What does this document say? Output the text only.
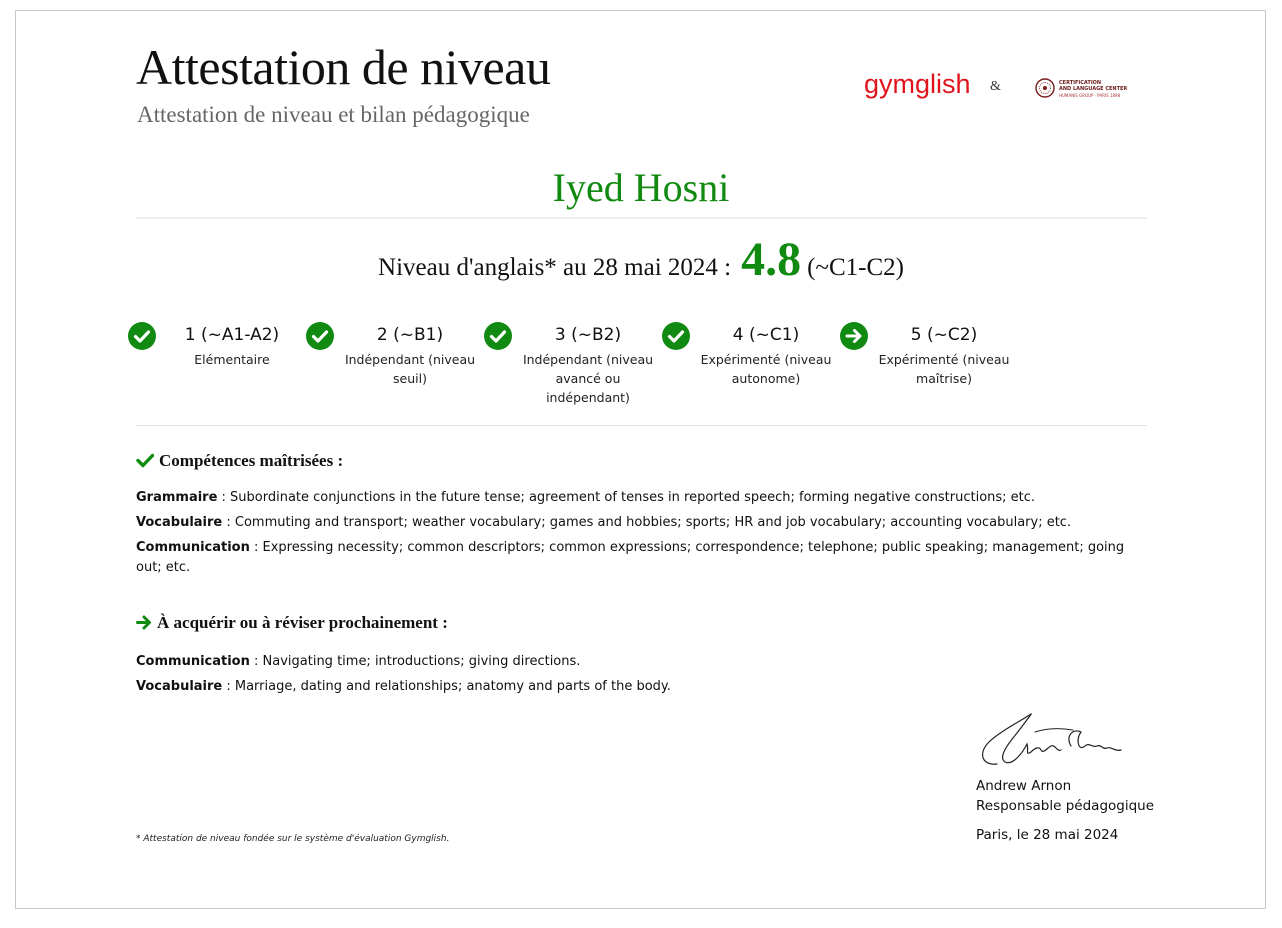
Attestation de niveau
Attestation de niveau et bilan pédagogique
gymglish &	CERTIFICATION
AND LANGUAGE CENTER
HUMANIS GROUP · PARIS 1898
Iyed Hosni
Niveau d'anglais* au 28 mai 2024 : 4.8 (~C1-C2)
1 (~A1-A2)
Elémentaire
2 (~B1)
Indépendant (niveau seuil)
3 (~B2)
Indépendant (niveau avancé ou indépendant)
4 (~C1)
Expérimenté (niveau autonome)
5 (~C2)
Expérimenté (niveau maîtrise)
Compétences maîtrisées :
Grammaire : Subordinate conjunctions in the future tense; agreement of tenses in reported speech; forming negative constructions; etc.
Vocabulaire : Commuting and transport; weather vocabulary; games and hobbies; sports; HR and job vocabulary; accounting vocabulary; etc.
Communication : Expressing necessity; common descriptors; common expressions; correspondence; telephone; public speaking; management; going out; etc.
À acquérir ou à réviser prochainement :
Communication : Navigating time; introductions; giving directions.
Vocabulaire : Marriage, dating and relationships; anatomy and parts of the body.
Andrew Arnon
Responsable pédagogique
Paris, le 28 mai 2024
* Attestation de niveau fondée sur le système d'évaluation Gymglish.
